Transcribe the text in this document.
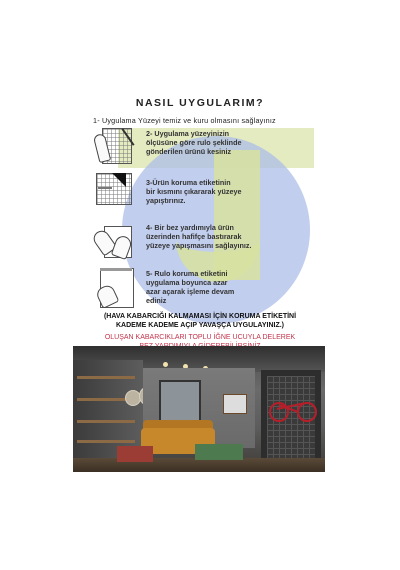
NASIL UYGULARIM?
1- Uygulama Yüzeyi temiz ve kuru olmasını sağlayınız
2- Uygulama yüzeyinizin
ölçüsüne göre rulo şeklinde
gönderilen ürünü kesiniz
3-Ürün koruma etiketinin
bir kısmını çıkararak yüzeye
yapıştırınız.
4- Bir bez yardımıyla ürün
üzerinden hafifçe bastırarak
yüzeye yapışmasını sağlayınız.
5- Rulo koruma etiketini
uygulama boyunca azar
azar açarak işleme devam
ediniz
(HAVA KABARCIĞI KALMAMASI İÇİN KORUMA ETİKETİNİ
KADEME KADEME AÇIP YAVAŞÇA UYGULAYINIZ.)
OLUŞAN KABARCIKLARI TOPLU İĞNE UCUYLA DELEREK
